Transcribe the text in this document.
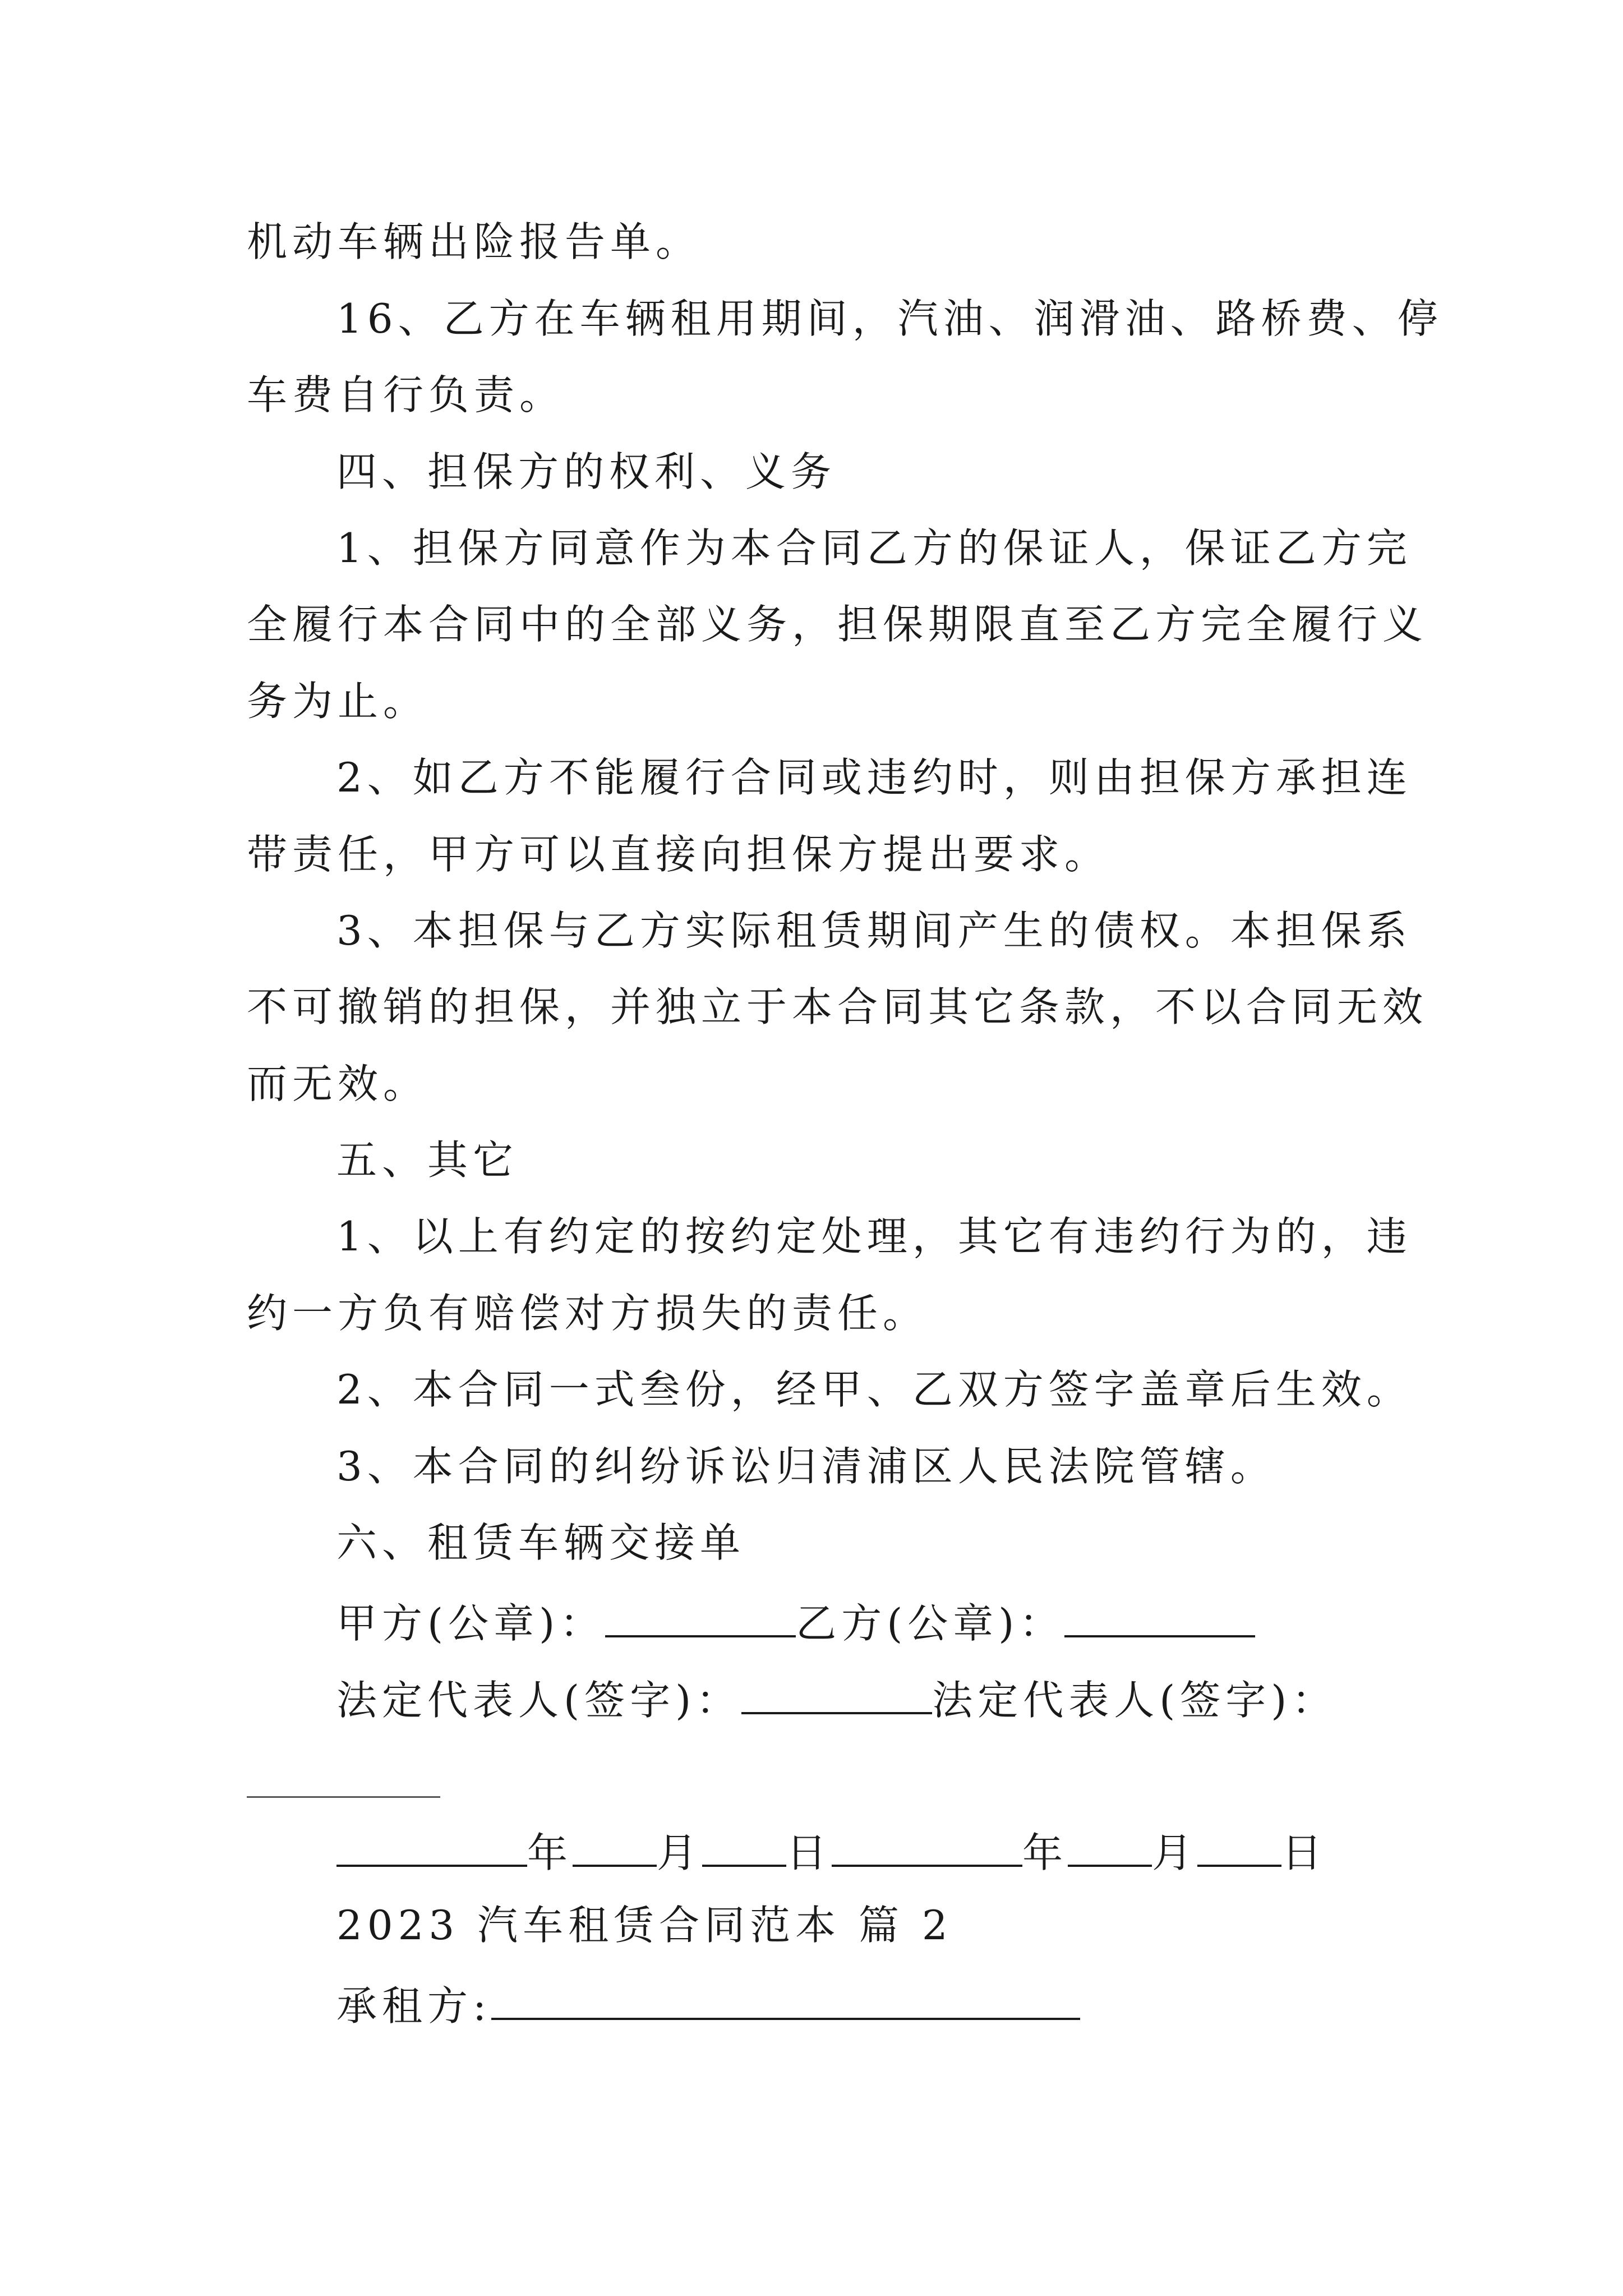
机动车辆出险报告单。
16、乙方在车辆租用期间，汽油、润滑油、路桥费、停
车费自行负责。
四、担保方的权利、义务
1、担保方同意作为本合同乙方的保证人，保证乙方完
全履行本合同中的全部义务，担保期限直至乙方完全履行义
务为止。
2、如乙方不能履行合同或违约时，则由担保方承担连
带责任，甲方可以直接向担保方提出要求。
3、本担保与乙方实际租赁期间产生的债权。本担保系
不可撤销的担保，并独立于本合同其它条款，不以合同无效
而无效。
五、其它
1、以上有约定的按约定处理，其它有违约行为的，违
约一方负有赔偿对方损失的责任。
2、本合同一式叁份，经甲、乙双方签字盖章后生效。
3、本合同的纠纷诉讼归清浦区人民法院管辖。
六、租赁车辆交接单
甲方(公章)：	乙方(公章)：
法定代表人(签字)：	法定代表人(签字)：
年 月 日	年 月 日
2023 汽车租赁合同范本 篇 2
承租方:
